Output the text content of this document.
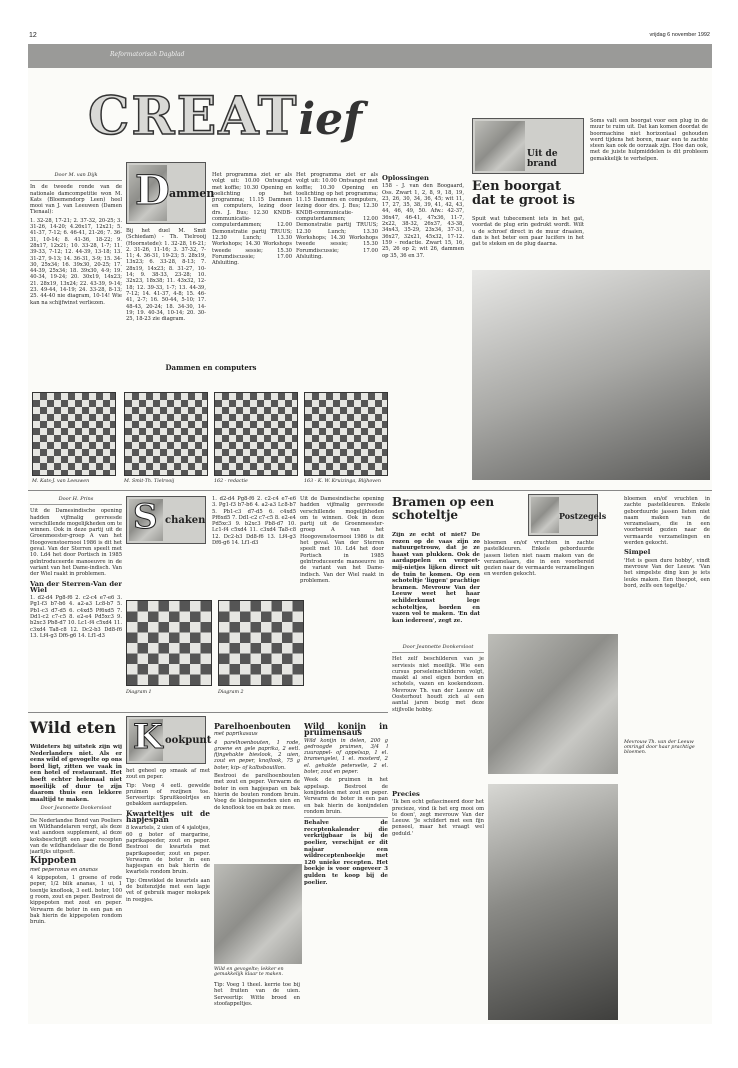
12	vrijdag 6 november 1992
Reformatorisch Dagblad
CREATief
Door M. van Dijk

In de tweede ronde van de nationale damcompetitie won M. Kats (Bloemendorp Leen) heel mooi van J. van Leeuwen (Damen Tienaal):

1. 32-28, 17-21; 2. 37-32, 20-25; 3. 31-26, 14-20; 4.26x17, 12x21; 5. 41-37, 7-12; 6. 46-41, 21-26; 7. 36-31, 10-14; 8. 41-36, 18-22; 9. 28x17, 12x21; 10. 33-28, 1-7; 11. 39-33, 7-12; 12. 44-39, 13-18; 13. 31-27, 9-13; 14. 36-31, 3-9; 15. 34-30, 25x34; 16. 39x30, 20-25; 17. 44-39, 25x34; 18. 39x30, 4-9; 19. 40-34, 19-24; 20. 30x19, 14x23; 21. 28x19, 13x24; 22. 43-39, 9-14; 23. 49-44, 14-19; 24. 33-28, 8-13; 25. 44-40 nie diagram, 10-14! Wie kan na schijfwinst verliezen.

D ammen

Bij het duel M. Smit (Schiedam) - Th. Tielrooij (Hoornstede): 1. 32-28, 16-21; 2. 31-26, 11-16; 3. 37-32, 7-11; 4. 36-31, 19-23; 5. 28x19, 13x23; 6. 33-28, 8-13; 7. 28x19, 14x23; 8. 31-27, 10-14; 9. 38-33, 23-28; 10. 32x23, 18x38; 11. 43x32, 12-18; 12. 39-33, 1-7; 13. 44-39, 7-12; 14. 41-37, 4-8; 15. 46-41, 2-7; 16. 50-44, 5-10; 17. 48-43, 20-24; 18. 34-30, 14-19; 19. 40-34, 10-14; 20. 30-25, 18-23 zie diagram.

Het programma ziet er als volgt uit: 10.00 Ontvangst met koffie; 10.30 Opening en toelichting op het programma; 11.15 Dammen en computers, lezing door drs. J. Bus; 12.30 KNDB-communicatie-computerdammen; 12.00 Demonstratie partij TRUUS; 12.30 Lunch; 13.30 Workshops; 14.30 Workshops tweede sessie; 15.30 Forumdiscussie; 17.00 Afsluiting.

Het programma ziet er als volgt uit: 10.00 Ontvangst met koffie; 10.30 Opening en toelichting op het programma; 11.15 Dammen en computers, lezing door drs. J. Bus; 12.30 KNDB-communicatie-computerdammen; 12.00 Demonstratie partij TRUUS; 12.30 Lunch; 13.30 Workshops; 14.30 Workshops tweede sessie; 15.30 Forumdiscussie; 17.00 Afsluiting.

Oplossingen

158 - J. van den Boogaard, Oss. Zwart 1, 2, 8, 9, 18, 19, 23, 26, 30, 34, 36, 45; wit 11, 17, 27, 35, 38, 39, 41, 42, 43, 44, 46, 49, 50. Afw.: 42-37, 36x47, 46-41, 47x36, 11-7, 2x22, 38-32, 26x37, 43-38, 34x43, 35-29, 23x34, 37-31, 36x27, 32x21, 45x32, 17-12. 159 - redactie. Zwart 15, 16, 25, 26 op 2; wit 26, dammen op 35, 36 en 37.

Dammen en computers
M. Kats-J. van Leeuwen	M. Smit-Th. Tielrooij	162 - redactie	163 - K. W. Kruizinga, Blijhoven
Uit de brand

Soms valt een boorgat voor een plug in de muur te ruim uit. Dat kan komen doordat de boormachine niet horizontaal gehouden werd tijdens het boren, maar een te zachte steen kan ook de oorzaak zijn. Hoe dan ook, met de juiste hulpmiddelen is dit probleem gemakkelijk te verhelpen.

Een boorgat dat te groot is

Spuit wat tubecement iets in het gat, voordat de plug erin gedrukt wordt. Wilt u de schroef direct in de muur draaien, dan is het beter een paar lucifers in het gat te steken en de plug daarna.

Door H. Prins

Uit de Damesindische opening hadden vijfmalig gevreesde verschillende mogelijkheden om te winnen. Ook in deze partij uit de Groenmeester-groep A van het Hoogovenstoernooi 1986 is dit het geval. Van der Sterren speelt met 10. Ld4 het door Portisch in 1985 geïntroduceerde manoeuvre in de variant van het Dame-indisch. Van der Wiel raakt in problemen.

Van der Sterren-Van der Wiel

1. d2-d4 Pg8-f6 2. c2-c4 e7-e6 3. Pg1-f3 b7-b6 4. a2-a3 Lc8-b7 5. Pb1-c3 d7-d5 6. c4xd5 Pf6xd5 7. Dd1-c2 c7-c5 8. e2-e4 Pd5xc3 9. b2xc3 Pb8-d7 10. Lc1-f4 c5xd4 11. c3xd4 Ta8-c8 12. Dc2-b3 Dd8-f6 13. Lf4-g3 Df6-g6 14. Lf1-d3

S chaken

1. d2-d4 Pg8-f6 2. c2-c4 e7-e6 3. Pg1-f3 b7-b6 4. a2-a3 Lc8-b7 5. Pb1-c3 d7-d5 6. c4xd5 Pf6xd5 7. Dd1-c2 c7-c5 8. e2-e4 Pd5xc3 9. b2xc3 Pb8-d7 10. Lc1-f4 c5xd4 11. c3xd4 Ta8-c8 12. Dc2-b3 Dd8-f6 13. Lf4-g3 Df6-g6 14. Lf1-d3

Uit de Damesindische opening hadden vijfmalig gevreesde verschillende mogelijkheden om te winnen. Ook in deze partij uit de Groenmeester-groep A van het Hoogovenstoernooi 1986 is dit het geval. Van der Sterren speelt met 10. Ld4 het door Portisch in 1985 geïntroduceerde manoeuvre in de variant van het Dame-indisch. Van der Wiel raakt in problemen.

Diagram 1	Diagram 2
Bramen op een schoteltje

Zijn ze echt of niet? De rozen op de vaas zijn zo natuurgetrouw, dat je ze haast van plukken. Ook de aardappelen en vergeet-mij-nietjes lijken direct uit de tuin te komen. Op een schoteltje 'liggen' prachtige bramen. Mevrouw Van der Leeuw weet het haar schilderkunst lege schoteltjes, borden en vazen vol te maken. 'En dat kan iedereen', zegt ze.

Postzegels

bloemen en/of vruchten in zachte pastelkleuren. Enkele geborduurde jassen lieten niet naam maken van de verzamelaars, die in een voorbereid gezien naar de vermaarde verzamelingen en werden gekocht.

Door Jeannette Donkersloot

Het zelf beschilderen van je serviesis niet moeilijk. Wie een cursus porseleinschilderen volgt, maakt al snel eigen borden en schotels, vazen en koekendozen. Mevrouw Th. van der Leeuw uit Oosterhout houdt zich al een aantal jaren bezig met deze stijlvolle hobby.

bloemen en/of vruchten in zachte pastelkleuren. Enkele geborduurde jassen lieten niet naam maken van de verzamelaars, die in een voorbereid gezien naar de vermaarde verzamelingen en werden gekocht.

Simpel

'Het is geen dure hobby', vindt mevrouw Van der Leeuw. 'Van het simpelste ding kun je iets leuks maken. Een theepot, een bord, zelfs een tegeltje.'

Mevrouw Th. van der Leeuw omringd door haar prachtige bloemen.
Wild eten

Wildeters bij uitstek zijn wij Nederlanders niet. Als er eens wild of gevogelte op ons bord ligt, zitten we vaak in een hotel of restaurant. Het hoeft echter helemaal niet moeilijk of duur te zijn daarom thuis een lekkere maaltijd te maken.

Door Jeannette Donkersloot

De Nederlandse Bond van Poeliers en Wildhandelaren vergt, als deze wat aandoen supplement, al deze koksbeschrijft een paar recepten van de wildhandelaar die de Bond jaarlijks uitgeeft.

Kippoten

met peperonus en ananas

4 kippepoten, 1 groene of rode peper, 1/2 blik ananas, 1 ui, 1 teentje knoflook, 3 eetl. boter, 100 g room, zout en peper. Bestrooi de kippepoten met zout en peper. Verwarm de boter in een pan en bak hierin de kippepoten rondom bruin.

K ookpunt

het geheel op smaak af met zout en peper.

Tip: Voeg 4 eetl. gewelde pruimen of rozijnen toe. Serveertip: Spruitkoolrtjes en gebakken aardappelen.

Kwarteltjes uit de hapjespan

8 kwartels, 2 uien of 4 sjalotjes, 60 g boter of margarine, paprikapoeder, zout en peper. Bestrooi de kwartels met paprikapoeder, zout en peper. Verwarm de boter in een hapjespan en bak hierin de kwartels rondom bruin.

Tip: Omwikkel de kwartels aan de buitenzijde met een lapje vet of gebruik mager mokspek in reepjes.

Parelhoenbouten

met paprikasaus

4 parelhoenbouten, 1 rode, groene en gele paprika, 2 eetl. fijngehakte bieslook, 2 uien, zout en peper, knoflook, 75 g boter, kip- of kalbsbouillon.

Bestrooi de parelhoenbouten met zout en peper. Verwarm de boter in een hapjespan en bak hierin de bouten rondom bruin. Voeg de kleingesneden uien en de knoflook toe en bak ze mee.

Wild en gevogelte; lekker en gemakkelijk klaar te maken.

Tip: Voeg 1 theel. kerrie toe bij het fruiten van de uien. Serveertip: Witte broed en stoofappeltjes.

Wild konijn in pruimensaus

Wild konijn in delen, 200 g gedroogde pruimen, 3/4 l zuurappel- of appelsap, 1 el. bramengelei, 1 el. mosterd, 2 el. gehakte peterselie, 2 el. boter, zout en peper.

Week de pruimen in het appelsap. Bestrooi de konijndelen met zout en peper. Verwarm de boter in een pan en bak hierin de konijndelen rondom bruin.

Behalve de receptenkalender die verkrijgbaar is bij de poelier, verschijnt er dit najaar een wildreceptenboekje met 120 unieke recepten. Het boekje is voor ongeveer 3 gulden te koop bij de poelier.

Precies

'Ik ben echt gefascineerd door het precieze, vind ik het erg mooi om te doen', zegt mevrouw Van der Leeuw. 'Je schildert met een fijn penseel, maar het vraagt wel geduld.'
